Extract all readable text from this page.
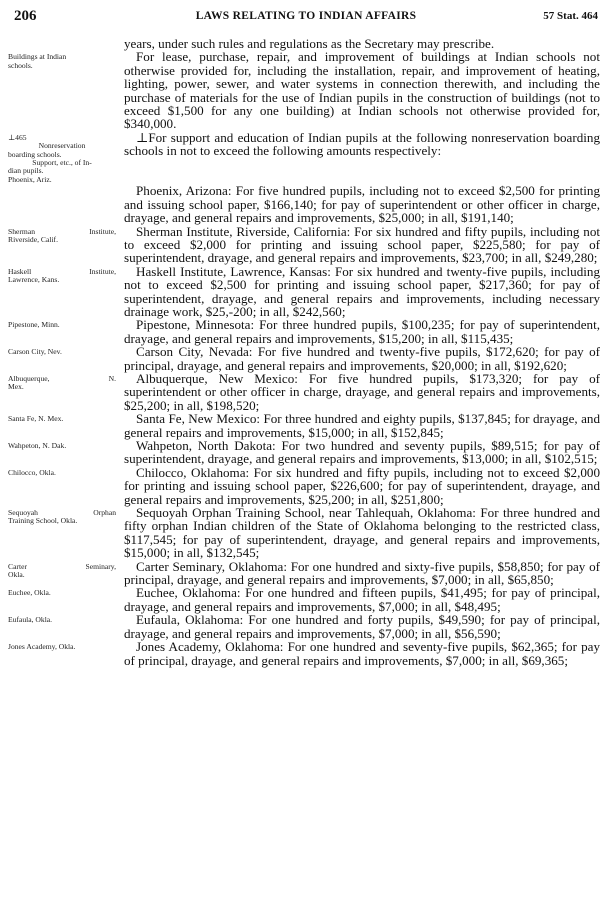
206	LAWS RELATING TO INDIAN AFFAIRS	57 Stat. 464

years, under such rules and regulations as the Secretary may prescribe.

Buildings at Indian
schools.

For lease, purchase, repair, and improvement of buildings at Indian schools not otherwise provided for, including the installation, repair, and improvement of heating, lighting, power, sewer, and water systems in connection therewith, and including the purchase of materials for the use of Indian pupils in the construction of buildings (not to exceed $1,500 for any one building) at Indian schools not otherwise provided for, $340,000.

⊥465
Nonreservation
boarding schools.
Support, etc., of In-
dian pupils.
Phoenix, Ariz.

⊥For support and education of Indian pupils at the following nonreservation boarding schools in not to exceed the following amounts respectively:

Phoenix, Arizona: For five hundred pupils, including not to exceed $2,500 for printing and issuing school paper, $166,140; for pay of superintendent or other officer in charge, drayage, and general repairs and improvements, $25,000; in all, $191,140;

Sherman Institute,
Riverside, Calif.

Sherman Institute, Riverside, California: For six hundred and fifty pupils, including not to exceed $2,000 for printing and issuing school paper, $225,580; for pay of superintendent, drayage, and general repairs and improvements, $23,700; in all, $249,280;

Haskell Institute,
Lawrence, Kans.

Haskell Institute, Lawrence, Kansas: For six hundred and twenty-five pupils, including not to exceed $2,500 for printing and issuing school paper, $217,360; for pay of superintendent, drayage, and general repairs and improvements, including necessary drainage work, $25,-200; in all, $242,560;

Pipestone, Minn.	Pipestone, Minnesota: For three hundred pupils, $100,235; for pay of superintendent, drayage, and general repairs and improvements, $15,200; in all, $115,435;

Carson City, Nev.	Carson City, Nevada: For five hundred and twenty-five pupils, $172,620; for pay of principal, drayage, and general repairs and improvements, $20,000; in all, $192,620;

Albuquerque, N.
Mex.

Albuquerque, New Mexico: For five hundred pupils, $173,320; for pay of superintendent or other officer in charge, drayage, and general repairs and improvements, $25,200; in all, $198,520;

Santa Fe, N. Mex.	Santa Fe, New Mexico: For three hundred and eighty pupils, $137,845; for drayage, and general repairs and improvements, $15,000; in all, $152,845;

Wahpeton, N. Dak.	Wahpeton, North Dakota: For two hundred and seventy pupils, $89,515; for pay of superintendent, drayage, and general repairs and improvements, $13,000; in all, $102,515;

Chilocco, Okla.	Chilocco, Oklahoma: For six hundred and fifty pupils, including not to exceed $2,000 for printing and issuing school paper, $226,600; for pay of superintendent, drayage, and general repairs and improvements, $25,200; in all, $251,800;

Sequoyah Orphan
Training School, Okla.

Sequoyah Orphan Training School, near Tahlequah, Oklahoma: For three hundred and fifty orphan Indian children of the State of Oklahoma belonging to the restricted class, $117,545; for pay of superintendent, drayage, and general repairs and improvements, $15,000; in all, $132,545;

Carter Seminary,
Okla.

Carter Seminary, Oklahoma: For one hundred and sixty-five pupils, $58,850; for pay of principal, drayage, and general repairs and improvements, $7,000; in all, $65,850;

Euchee, Okla.	Euchee, Oklahoma: For one hundred and fifteen pupils, $41,495; for pay of principal, drayage, and general repairs and improvements, $7,000; in all, $48,495;

Eufaula, Okla.	Eufaula, Oklahoma: For one hundred and forty pupils, $49,590; for pay of principal, drayage, and general repairs and improvements, $7,000; in all, $56,590;

Jones Academy, Okla.	Jones Academy, Oklahoma: For one hundred and seventy-five pupils, $62,365; for pay of principal, drayage, and general repairs and improvements, $7,000; in all, $69,365;
